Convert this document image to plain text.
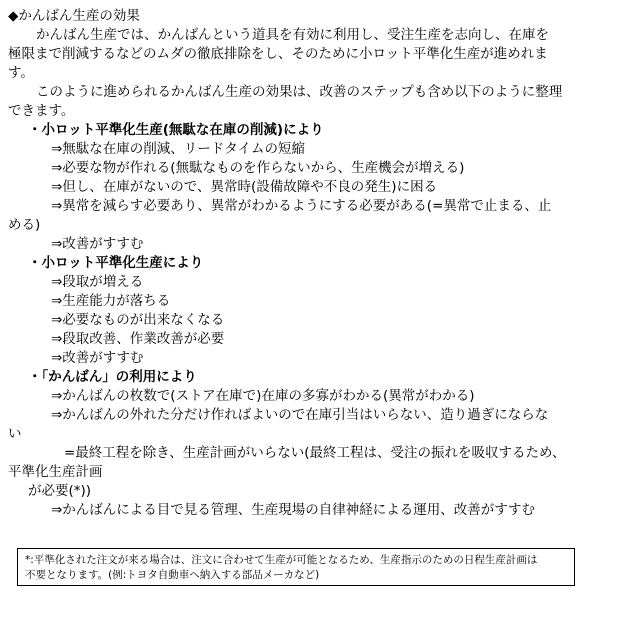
◆かんばん生産の効果
かんばん生産では、かんばんという道具を有効に利用し、受注生産を志向し、在庫を
極限まで削減するなどのムダの徹底排除をし、そのために小ロット平準化生産が進めれま
す。
このように進められるかんばん生産の効果は、改善のステップも含め以下のように整理
できます。
・小ロット平準化生産(無駄な在庫の削減)により
⇒無駄な在庫の削減、リードタイムの短縮
⇒必要な物が作れる(無駄なものを作らないから、生産機会が増える)
⇒但し、在庫がないので、異常時(設備故障や不良の発生)に困る
⇒異常を減らす必要あり、異常がわかるようにする必要がある(=異常で止まる、止
める)
⇒改善がすすむ
・小ロット平準化生産により
⇒段取が増える
⇒生産能力が落ちる
⇒必要なものが出来なくなる
⇒段取改善、作業改善が必要
⇒改善がすすむ
・「かんばん」の利用により
⇒かんばんの枚数で(ストア在庫で)在庫の多寡がわかる(異常がわかる)
⇒かんばんの外れた分だけ作ればよいので在庫引当はいらない、造り過ぎにならな
い
=最終工程を除き、生産計画がいらない(最終工程は、受注の振れを吸収するため、
平準化生産計画
が必要(*))
⇒かんばんによる目で見る管理、生産現場の自律神経による運用、改善がすすむ
*:平準化された注文が来る場合は、注文に合わせて生産が可能となるため、生産指示のための日程生産計画は
不要となります。(例:トヨタ自動車へ納入する部品メーカなど)
